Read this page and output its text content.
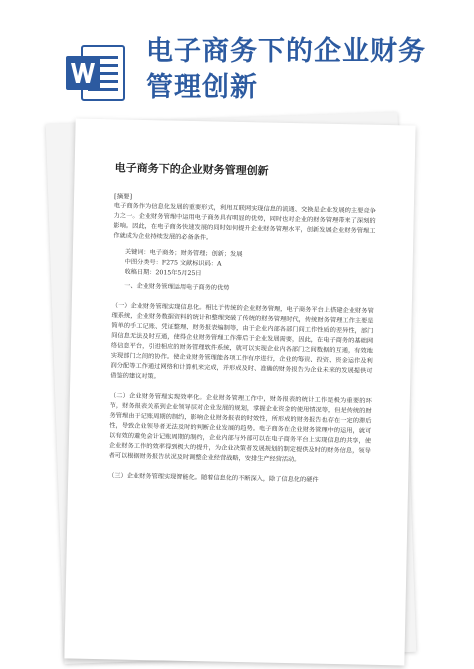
电子商务下的企业财务管理创新
电子商务下的企业财务管理创新
[摘要]

电子商务作为信息化发展的重要形式，利用互联网实现信息的流通、交换是企业发展的主要竞争力之一。企业财务管理中运用电子商务具有明显的优势，同时也对企业的财务管理带来了深刻的影响。因此，在电子商务快速发展的同时如何提升企业财务管理水平，创新发展企业财务管理工作就成为企业持续发展的必备条件。

关键词：电子商务；财务管理；创新；发展
中图分类号：F275 文献标识码：A
收稿日期：2015年5月25日
一、企业财务管理运用电子商务的优势

（一）企业财务管理实现信息化。相比于传统的企业财务管理，电子商务平台上搭建企业财务管理系统，企业财务数据资料的统计和整理突破了传统的财务管理时代，传统财务管理工作主要是简单的手工记账、凭证整理、财务报表编制等，由于企业内部各部门间工作性质的差异性，部门间信息无法及时互通，使得企业财务管理工作滞后于企业发展需要，因此，在电子商务的基础网络信息平台，引进相应的财务管理软件系统，就可以实现企业内各部门之间数据的互通，有效地实现部门之间的协作。使企业财务管理能各项工作有序进行，企业的筹资、投资、资金运作及利润分配等工作通过网络和计算机来完成，并形成及时、准确的财务报告为企业未来的发展提供可借鉴的建议对策。

（二）企业财务管理实现效率化。企业财务管理工作中，财务报表的统计工作是极为重要的环节，财务报表关系到企业领导层对企业发展的规划，掌握企业资金的使用情况等，但是传统的财务管理由于记账周期的制约，影响企业财务报表的时效性，所形成的财务报告也存在一定的滞后性，导致企业领导者无法及时的判断企业发展的趋势。电子商务在企业财务管理中的运用，就可以有效的避免会计记账周期的制约，企业内部与外部可以在电子商务平台上实现信息的共享，使企业财务工作的效率得到极大的提升，为企业决策者发展规划的制定提供及时的财务信息，领导者可以根据财务报告状况及时调整企业经营战略，安排生产经营活动。

（三）企业财务管理实现智能化。随着信息化的不断深入，除了信息化的硬件
